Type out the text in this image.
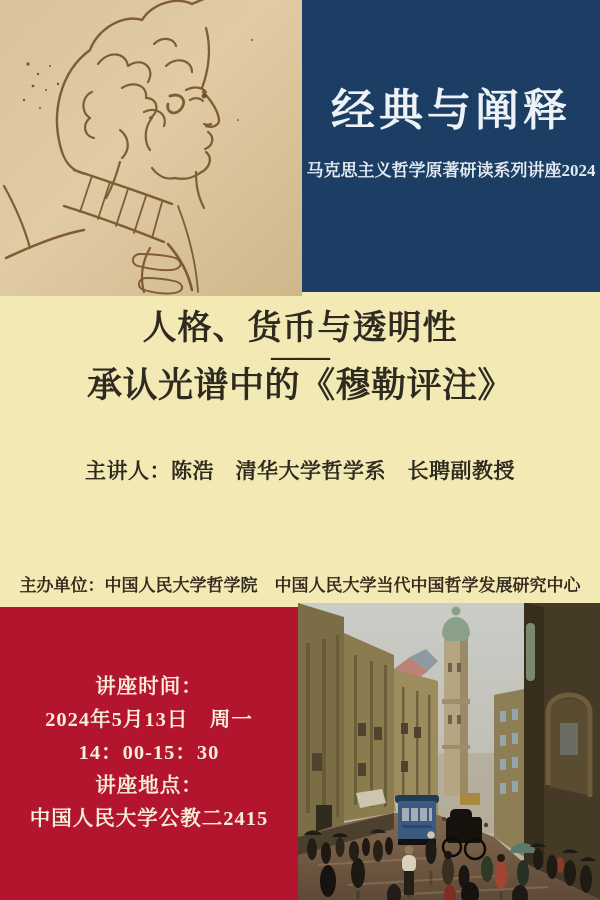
经典与阐释
马克思主义哲学原著研读系列讲座2024
人格、货币与透明性
——
承认光谱中的《穆勒评注》
主讲人：陈浩　清华大学哲学系　长聘副教授
主办单位：中国人民大学哲学院　中国人民大学当代中国哲学发展研究中心
讲座时间：
2024年5月13日　周一
14：00-15：30
讲座地点：
中国人民大学公教二2415
